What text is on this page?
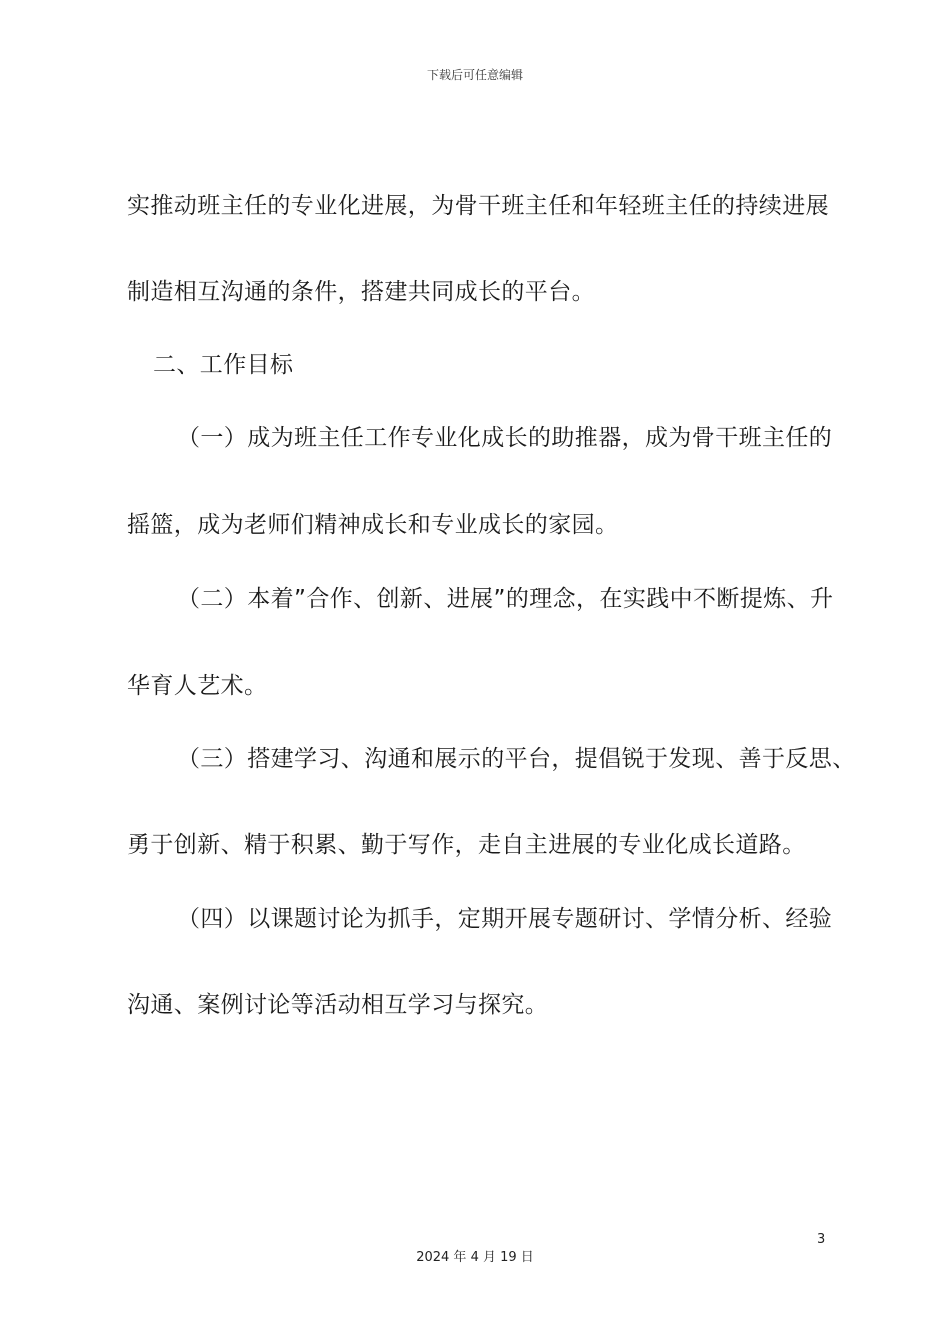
下载后可任意编辑
实推动班主任的专业化进展，为骨干班主任和年轻班主任的持续进展
制造相互沟通的条件，搭建共同成长的平台。
二、工作目标
（一）成为班主任工作专业化成长的助推器，成为骨干班主任的
摇篮，成为老师们精神成长和专业成长的家园。
（二）本着”合作、创新、进展”的理念，在实践中不断提炼、升
华育人艺术。
（三）搭建学习、沟通和展示的平台，提倡锐于发现、善于反思、
勇于创新、精于积累、勤于写作，走自主进展的专业化成长道路。
（四）以课题讨论为抓手，定期开展专题研讨、学情分析、经验
沟通、案例讨论等活动相互学习与探究。
3
2024 年 4 月 19 日
